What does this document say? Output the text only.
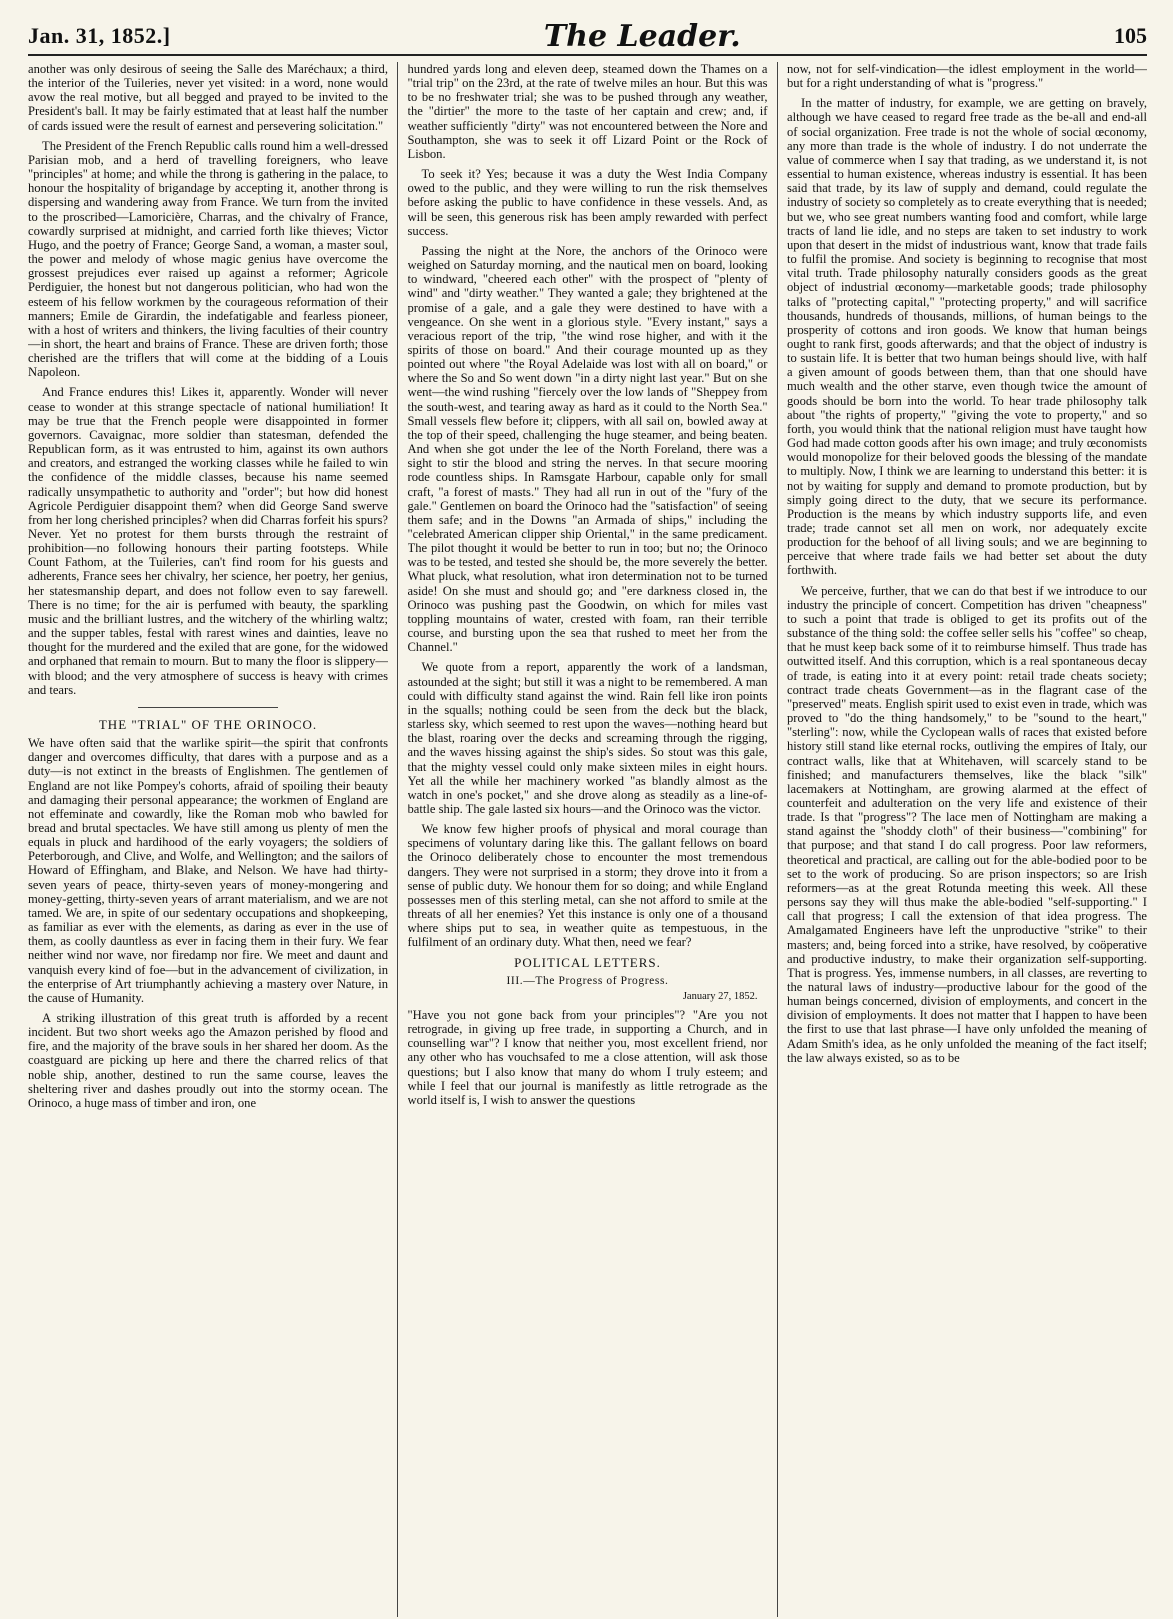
Jan. 31, 1852.]	The Leader.	105

another was only desirous of seeing the Salle des Maréchaux; a third, the interior of the Tuileries, never yet visited: in a word, none would avow the real motive, but all begged and prayed to be invited to the President's ball. It may be fairly estimated that at least half the number of cards issued were the result of earnest and persevering solicitation."

The President of the French Republic calls round him a well-dressed Parisian mob, and a herd of travelling foreigners, who leave "principles" at home; and while the throng is gathering in the palace, to honour the hospitality of brigandage by accepting it, another throng is dispersing and wandering away from France. We turn from the invited to the proscribed—Lamoricière, Charras, and the chivalry of France, cowardly surprised at midnight, and carried forth like thieves; Victor Hugo, and the poetry of France; George Sand, a woman, a master soul, the power and melody of whose magic genius have overcome the grossest prejudices ever raised up against a reformer; Agricole Perdiguier, the honest but not dangerous politician, who had won the esteem of his fellow workmen by the courageous reformation of their manners; Emile de Girardin, the indefatigable and fearless pioneer, with a host of writers and thinkers, the living faculties of their country—in short, the heart and brains of France. These are driven forth; those cherished are the triflers that will come at the bidding of a Louis Napoleon.

And France endures this! Likes it, apparently. Wonder will never cease to wonder at this strange spectacle of national humiliation! It may be true that the French people were disappointed in former governors. Cavaignac, more soldier than statesman, defended the Republican form, as it was entrusted to him, against its own authors and creators, and estranged the working classes while he failed to win the confidence of the middle classes, because his name seemed radically unsympathetic to authority and "order"; but how did honest Agricole Perdiguier disappoint them? when did George Sand swerve from her long cherished principles? when did Charras forfeit his spurs? Never. Yet no protest for them bursts through the restraint of prohibition—no following honours their parting footsteps. While Count Fathom, at the Tuileries, can't find room for his guests and adherents, France sees her chivalry, her science, her poetry, her genius, her statesmanship depart, and does not follow even to say farewell. There is no time; for the air is perfumed with beauty, the sparkling music and the brilliant lustres, and the witchery of the whirling waltz; and the supper tables, festal with rarest wines and dainties, leave no thought for the murdered and the exiled that are gone, for the widowed and orphaned that remain to mourn. But to many the floor is slippery—with blood; and the very atmosphere of success is heavy with crimes and tears.

THE "TRIAL" OF THE ORINOCO.

We have often said that the warlike spirit—the spirit that confronts danger and overcomes difficulty, that dares with a purpose and as a duty—is not extinct in the breasts of Englishmen. The gentlemen of England are not like Pompey's cohorts, afraid of spoiling their beauty and damaging their personal appearance; the workmen of England are not effeminate and cowardly, like the Roman mob who bawled for bread and brutal spectacles. We have still among us plenty of men the equals in pluck and hardihood of the early voyagers; the soldiers of Peterborough, and Clive, and Wolfe, and Wellington; and the sailors of Howard of Effingham, and Blake, and Nelson. We have had thirty-seven years of peace, thirty-seven years of money-mongering and money-getting, thirty-seven years of arrant materialism, and we are not tamed. We are, in spite of our sedentary occupations and shopkeeping, as familiar as ever with the elements, as daring as ever in the use of them, as coolly dauntless as ever in facing them in their fury. We fear neither wind nor wave, nor firedamp nor fire. We meet and daunt and vanquish every kind of foe—but in the advancement of civilization, in the enterprise of Art triumphantly achieving a mastery over Nature, in the cause of Humanity.

A striking illustration of this great truth is afforded by a recent incident. But two short weeks ago the Amazon perished by flood and fire, and the majority of the brave souls in her shared her doom. As the coastguard are picking up here and there the charred relics of that noble ship, another, destined to run the same course, leaves the sheltering river and dashes proudly out into the stormy ocean. The Orinoco, a huge mass of timber and iron, one

hundred yards long and eleven deep, steamed down the Thames on a "trial trip" on the 23rd, at the rate of twelve miles an hour. But this was to be no freshwater trial; she was to be pushed through any weather, the "dirtier" the more to the taste of her captain and crew; and, if weather sufficiently "dirty" was not encountered between the Nore and Southampton, she was to seek it off Lizard Point or the Rock of Lisbon.

To seek it? Yes; because it was a duty the West India Company owed to the public, and they were willing to run the risk themselves before asking the public to have confidence in these vessels. And, as will be seen, this generous risk has been amply rewarded with perfect success.

Passing the night at the Nore, the anchors of the Orinoco were weighed on Saturday morning, and the nautical men on board, looking to windward, "cheered each other" with the prospect of "plenty of wind" and "dirty weather." They wanted a gale; they brightened at the promise of a gale, and a gale they were destined to have with a vengeance. On she went in a glorious style. "Every instant," says a veracious report of the trip, "the wind rose higher, and with it the spirits of those on board." And their courage mounted up as they pointed out where "the Royal Adelaide was lost with all on board," or where the So and So went down "in a dirty night last year." But on she went—the wind rushing "fiercely over the low lands of "Sheppey from the south-west, and tearing away as hard as it could to the North Sea." Small vessels flew before it; clippers, with all sail on, bowled away at the top of their speed, challenging the huge steamer, and being beaten. And when she got under the lee of the North Foreland, there was a sight to stir the blood and string the nerves. In that secure mooring rode countless ships. In Ramsgate Harbour, capable only for small craft, "a forest of masts." They had all run in out of the "fury of the gale." Gentlemen on board the Orinoco had the "satisfaction" of seeing them safe; and in the Downs "an Armada of ships," including the "celebrated American clipper ship Oriental," in the same predicament. The pilot thought it would be better to run in too; but no; the Orinoco was to be tested, and tested she should be, the more severely the better. What pluck, what resolution, what iron determination not to be turned aside! On she must and should go; and "ere darkness closed in, the Orinoco was pushing past the Goodwin, on which for miles vast toppling mountains of water, crested with foam, ran their terrible course, and bursting upon the sea that rushed to meet her from the Channel."

We quote from a report, apparently the work of a landsman, astounded at the sight; but still it was a night to be remembered. A man could with difficulty stand against the wind. Rain fell like iron points in the squalls; nothing could be seen from the deck but the black, starless sky, which seemed to rest upon the waves—nothing heard but the blast, roaring over the decks and screaming through the rigging, and the waves hissing against the ship's sides. So stout was this gale, that the mighty vessel could only make sixteen miles in eight hours. Yet all the while her machinery worked "as blandly almost as the watch in one's pocket," and she drove along as steadily as a line-of-battle ship. The gale lasted six hours—and the Orinoco was the victor.

We know few higher proofs of physical and moral courage than specimens of voluntary daring like this. The gallant fellows on board the Orinoco deliberately chose to encounter the most tremendous dangers. They were not surprised in a storm; they drove into it from a sense of public duty. We honour them for so doing; and while England possesses men of this sterling metal, can she not afford to smile at the threats of all her enemies? Yet this instance is only one of a thousand where ships put to sea, in weather quite as tempestuous, in the fulfilment of an ordinary duty. What then, need we fear?

POLITICAL LETTERS.
III.—The Progress of Progress.
January 27, 1852.

"Have you not gone back from your principles"? "Are you not retrograde, in giving up free trade, in supporting a Church, and in counselling war"? I know that neither you, most excellent friend, nor any other who has vouchsafed to me a close attention, will ask those questions; but I also know that many do whom I truly esteem; and while I feel that our journal is manifestly as little retrograde as the world itself is, I wish to answer the questions

now, not for self-vindication—the idlest employment in the world—but for a right understanding of what is "progress."

In the matter of industry, for example, we are getting on bravely, although we have ceased to regard free trade as the be-all and end-all of social organization. Free trade is not the whole of social œconomy, any more than trade is the whole of industry. I do not underrate the value of commerce when I say that trading, as we understand it, is not essential to human existence, whereas industry is essential. It has been said that trade, by its law of supply and demand, could regulate the industry of society so completely as to create everything that is needed; but we, who see great numbers wanting food and comfort, while large tracts of land lie idle, and no steps are taken to set industry to work upon that desert in the midst of industrious want, know that trade fails to fulfil the promise. And society is beginning to recognise that most vital truth. Trade philosophy naturally considers goods as the great object of industrial œconomy—marketable goods; trade philosophy talks of "protecting capital," "protecting property," and will sacrifice thousands, hundreds of thousands, millions, of human beings to the prosperity of cottons and iron goods. We know that human beings ought to rank first, goods afterwards; and that the object of industry is to sustain life. It is better that two human beings should live, with half a given amount of goods between them, than that one should have much wealth and the other starve, even though twice the amount of goods should be born into the world. To hear trade philosophy talk about "the rights of property," "giving the vote to property," and so forth, you would think that the national religion must have taught how God had made cotton goods after his own image; and truly œconomists would monopolize for their beloved goods the blessing of the mandate to multiply. Now, I think we are learning to understand this better: it is not by waiting for supply and demand to promote production, but by simply going direct to the duty, that we secure its performance. Production is the means by which industry supports life, and even trade; trade cannot set all men on work, nor adequately excite production for the behoof of all living souls; and we are beginning to perceive that where trade fails we had better set about the duty forthwith.

We perceive, further, that we can do that best if we introduce to our industry the principle of concert. Competition has driven "cheapness" to such a point that trade is obliged to get its profits out of the substance of the thing sold: the coffee seller sells his "coffee" so cheap, that he must keep back some of it to reimburse himself. Thus trade has outwitted itself. And this corruption, which is a real spontaneous decay of trade, is eating into it at every point: retail trade cheats society; contract trade cheats Government—as in the flagrant case of the "preserved" meats. English spirit used to exist even in trade, which was proved to "do the thing handsomely," to be "sound to the heart," "sterling": now, while the Cyclopean walls of races that existed before history still stand like eternal rocks, outliving the empires of Italy, our contract walls, like that at Whitehaven, will scarcely stand to be finished; and manufacturers themselves, like the black "silk" lacemakers at Nottingham, are growing alarmed at the effect of counterfeit and adulteration on the very life and existence of their trade. Is that "progress"? The lace men of Nottingham are making a stand against the "shoddy cloth" of their business—"combining" for that purpose; and that stand I do call progress. Poor law reformers, theoretical and practical, are calling out for the able-bodied poor to be set to the work of producing. So are prison inspectors; so are Irish reformers—as at the great Rotunda meeting this week. All these persons say they will thus make the able-bodied "self-supporting." I call that progress; I call the extension of that idea progress. The Amalgamated Engineers have left the unproductive "strike" to their masters; and, being forced into a strike, have resolved, by coöperative and productive industry, to make their organization self-supporting. That is progress. Yes, immense numbers, in all classes, are reverting to the natural laws of industry—productive labour for the good of the human beings concerned, division of employments, and concert in the division of employments. It does not matter that I happen to have been the first to use that last phrase—I have only unfolded the meaning of Adam Smith's idea, as he only unfolded the meaning of the fact itself; the law always existed, so as to be
